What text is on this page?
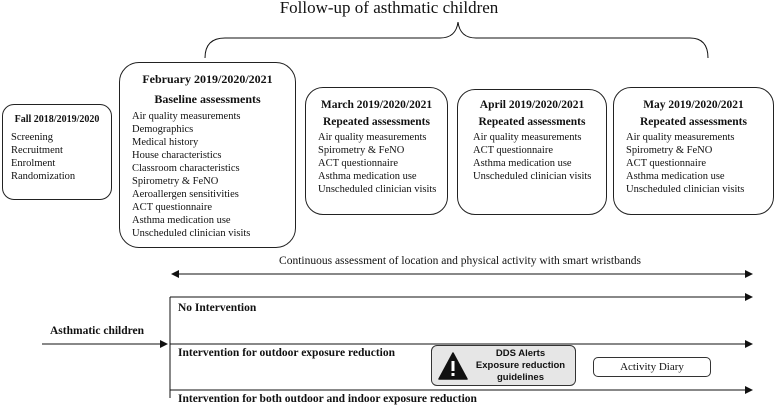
Follow-up of asthmatic children
Fall 2018/2019/2020
Screening
Recruitment
Enrolment
Randomization
February 2019/2020/2021
Baseline assessments
Air quality measurements
Demographics
Medical history
House characteristics
Classroom characteristics
Spirometry & FeNO
Aeroallergen sensitivities
ACT questionnaire
Asthma medication use
Unscheduled clinician visits
March 2019/2020/2021
Repeated assessments
Air quality measurements
Spirometry & FeNO
ACT questionnaire
Asthma medication use
Unscheduled clinician visits
April 2019/2020/2021
Repeated assessments
Air quality measurements
ACT questionnaire
Asthma medication use
Unscheduled clinician visits
May 2019/2020/2021
Repeated assessments
Air quality measurements
Spirometry & FeNO
ACT questionnaire
Asthma medication use
Unscheduled clinician visits
Continuous assessment of location and physical activity with smart wristbands
Asthmatic children
No Intervention
Intervention for outdoor exposure reduction
Intervention for both outdoor and indoor exposure reduction
DDS Alerts
Exposure reduction
guidelines
Activity Diary
